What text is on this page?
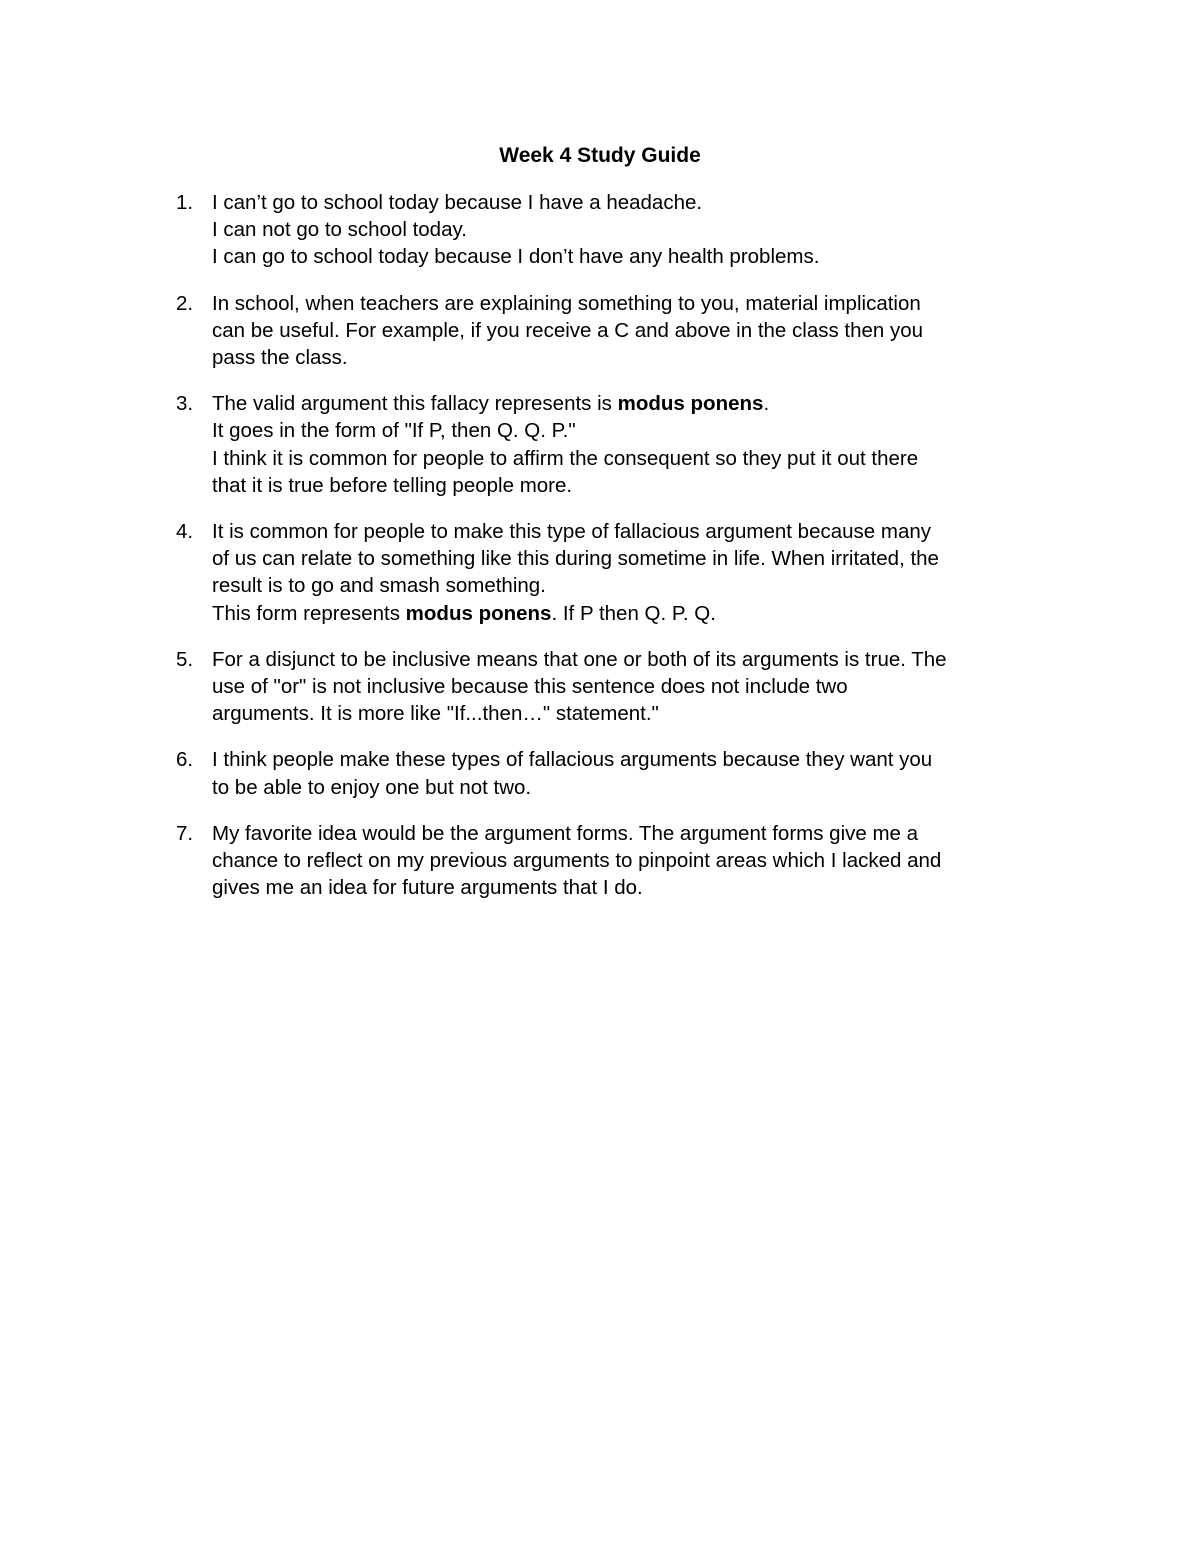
Week 4 Study Guide
1. I can’t go to school today because I have a headache.
I can not go to school today.
I can go to school today because I don’t have any health problems.
2. In school, when teachers are explaining something to you, material implication
can be useful. For example, if you receive a C and above in the class then you
pass the class.
3. The valid argument this fallacy represents is modus ponens.
It goes in the form of "If P, then Q. Q. P."
I think it is common for people to affirm the consequent so they put it out there
that it is true before telling people more.
4. It is common for people to make this type of fallacious argument because many
of us can relate to something like this during sometime in life. When irritated, the
result is to go and smash something.
This form represents modus ponens. If P then Q. P. Q.
5. For a disjunct to be inclusive means that one or both of its arguments is true. The
use of "or" is not inclusive because this sentence does not include two
arguments. It is more like "If...then…" statement."
6. I think people make these types of fallacious arguments because they want you
to be able to enjoy one but not two.
7. My favorite idea would be the argument forms. The argument forms give me a
chance to reflect on my previous arguments to pinpoint areas which I lacked and
gives me an idea for future arguments that I do.
